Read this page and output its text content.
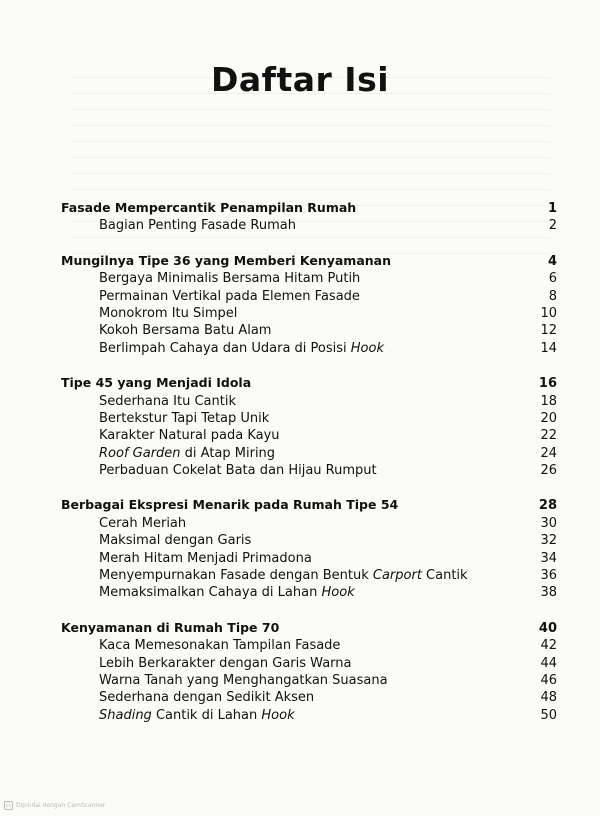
Daftar Isi
Fasade Mempercantik Penampilan Rumah	1
Bagian Penting Fasade Rumah	2
Mungilnya Tipe 36 yang Memberi Kenyamanan	4
Bergaya Minimalis Bersama Hitam Putih	6
Permainan Vertikal pada Elemen Fasade	8
Monokrom Itu Simpel	10
Kokoh Bersama Batu Alam	12
Berlimpah Cahaya dan Udara di Posisi Hook	14
Tipe 45 yang Menjadi Idola	16
Sederhana Itu Cantik	18
Bertekstur Tapi Tetap Unik	20
Karakter Natural pada Kayu	22
Roof Garden di Atap Miring	24
Perbaduan Cokelat Bata dan Hijau Rumput	26
Berbagai Ekspresi Menarik pada Rumah Tipe 54	28
Cerah Meriah	30
Maksimal dengan Garis	32
Merah Hitam Menjadi Primadona	34
Menyempurnakan Fasade dengan Bentuk Carport Cantik	36
Memaksimalkan Cahaya di Lahan Hook	38
Kenyamanan di Rumah Tipe 70	40
Kaca Memesonakan Tampilan Fasade	42
Lebih Berkarakter dengan Garis Warna	44
Warna Tanah yang Menghangatkan Suasana	46
Sederhana dengan Sedikit Aksen	48
Shading Cantik di Lahan Hook	50
CS Dipindai dengan CamScanner
